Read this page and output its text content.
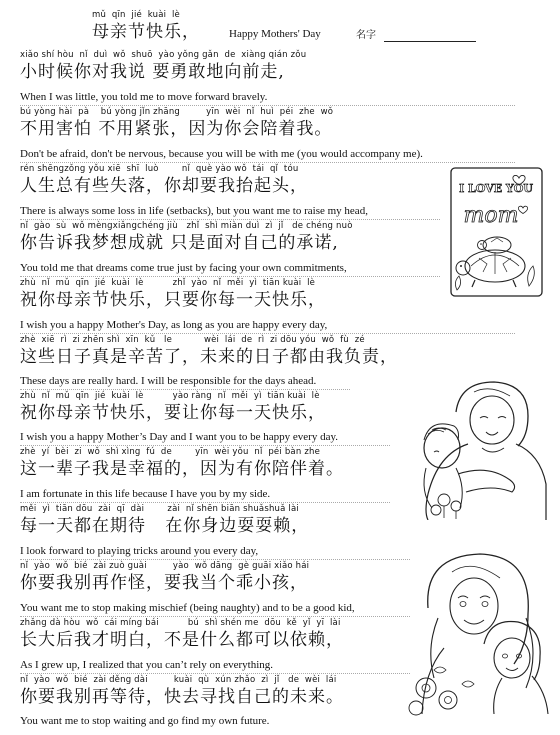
mǔ  qīn  jié  kuài  lè
母亲节快乐，	Happy Mothers' Day	名字
xiǎo shí hòu  nǐ  duì  wǒ  shuō  yào yǒng gǎn  de  xiàng qián zǒu
小时候你对我说 要勇敢地向前走,
When I was little, you told me to move forward bravely.
bú yòng hài  pà    bú yòng jǐn zhāng         yīn  wèi  nǐ  huì  péi  zhe  wǒ
不用害怕 不用紧张，因为你会陪着我。
Don't be afraid, don't be nervous, because you will be with me (you would accompany me).
rén shēngzǒng yǒu xiē  shī  luò        nǐ  què yào wǒ  tái  qǐ  tóu
人生总有些失落，你却要我抬起头，
There is always some loss in life (setbacks), but you want me to raise my head,
nǐ  gào  sù  wǒ mèngxiǎngchéng jiù   zhǐ  shì miàn duì  zì  jǐ   de chéng nuò
你告诉我梦想成就 只是面对自己的承诺,
You told me that dreams come true just by facing your own commitments,
zhù  nǐ  mǔ  qīn  jié  kuài  lè          zhǐ  yào  nǐ  měi  yì  tiān kuài  lè
祝你母亲节快乐，只要你每一天快乐，
I wish you a happy Mother's Day, as long as you are happy every day,
zhè  xiē  rì  zi zhēn shì  xīn  kǔ   le           wèi  lái  de  rì  zi dōu yóu  wǒ  fù  zé
这些日子真是辛苦了，未来的日子都由我负责，
These days are really hard. I will be responsible for the days ahead.
zhù  nǐ  mǔ  qīn  jié  kuài  lè          yào ràng  nǐ  měi  yì  tiān kuài  lè
祝你母亲节快乐，要让你每一天快乐，
I wish you a happy Mother’s Day and I want you to be happy every day.
zhè  yí  bèi  zi  wǒ  shì xìng  fú  de        yīn  wèi yǒu  nǐ  péi bàn zhe
这一辈子我是幸福的，因为有你陪伴着。
I am fortunate in this life because I have you by my side.
měi  yì  tiān dōu  zài  qī  dài        zài  nǐ shēn biān shuǎshuǎ lài
每一天都在期待   在你身边耍耍赖，
I look forward to playing tricks around you every day,
nǐ  yào  wǒ  bié  zài zuò guài         yào  wǒ dāng  gè guāi xiǎo hái
你要我别再作怪，要我当个乖小孩，
You want me to stop making mischief (being naughty) and to be a good kid,
zhǎng dà hòu  wǒ  cái míng bái          bú  shì shén me  dōu  kě  yǐ  yī  lài
长大后我才明白，不是什么都可以依赖，
As I grew up, I realized that you can’t rely on everything.
nǐ  yào  wǒ  bié  zài děng dài         kuài  qù  xún zhǎo  zì  jǐ   de  wèi  lái
你要我别再等待，快去寻找自己的未来。
You want me to stop waiting and go find my own future.
I LOVE YOU
mom
